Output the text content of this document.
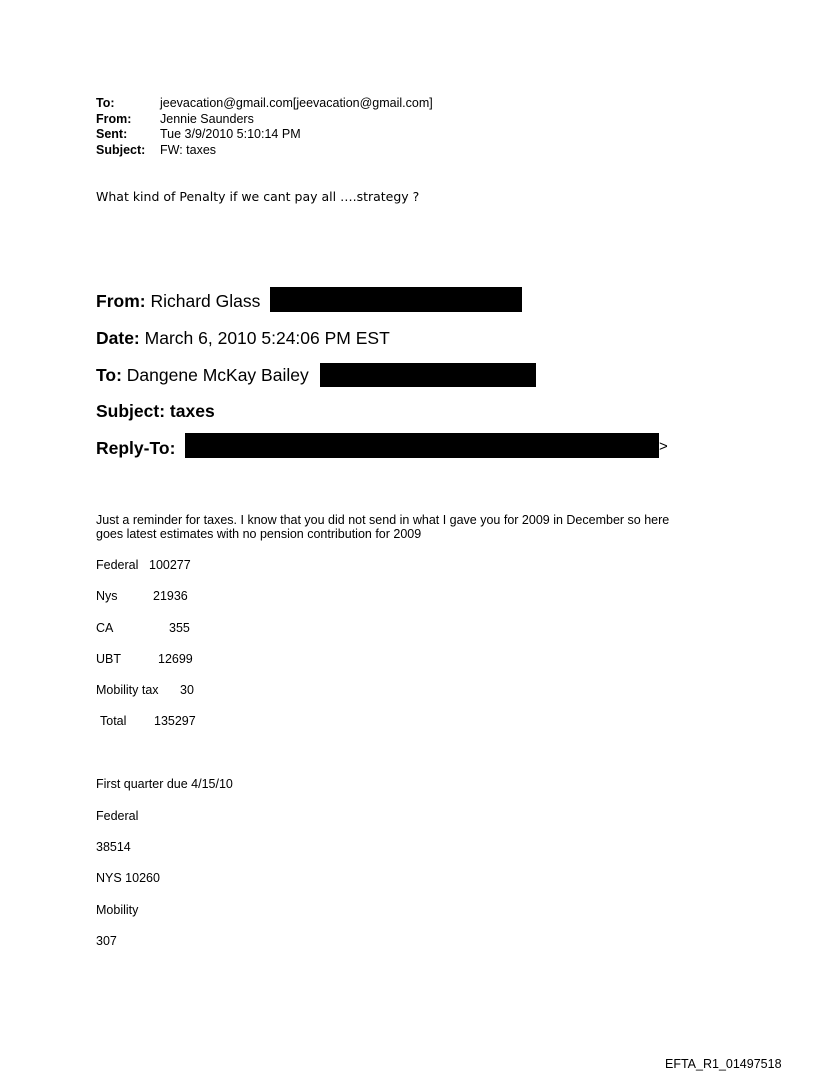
To:	jeevacation@gmail.com[jeevacation@gmail.com]
From:	Jennie Saunders
Sent:	Tue 3/9/2010 5:10:14 PM
Subject:	FW: taxes
What kind of Penalty if we cant pay all ….strategy ?
From: Richard Glass
Date: March 6, 2010 5:24:06 PM EST
To: Dangene McKay Bailey
Subject: taxes
Reply-To:	>
Just a reminder for taxes. I know that you did not send in what I gave you for 2009 in December so here
goes latest estimates with no pension contribution for 2009
Federal 100277
Nys	21936
CA	355
UBT	12699
Mobility tax 30
Total 135297
First quarter due 4/15/10
Federal
38514
NYS 10260
Mobility
307
EFTA_R1_01497518
